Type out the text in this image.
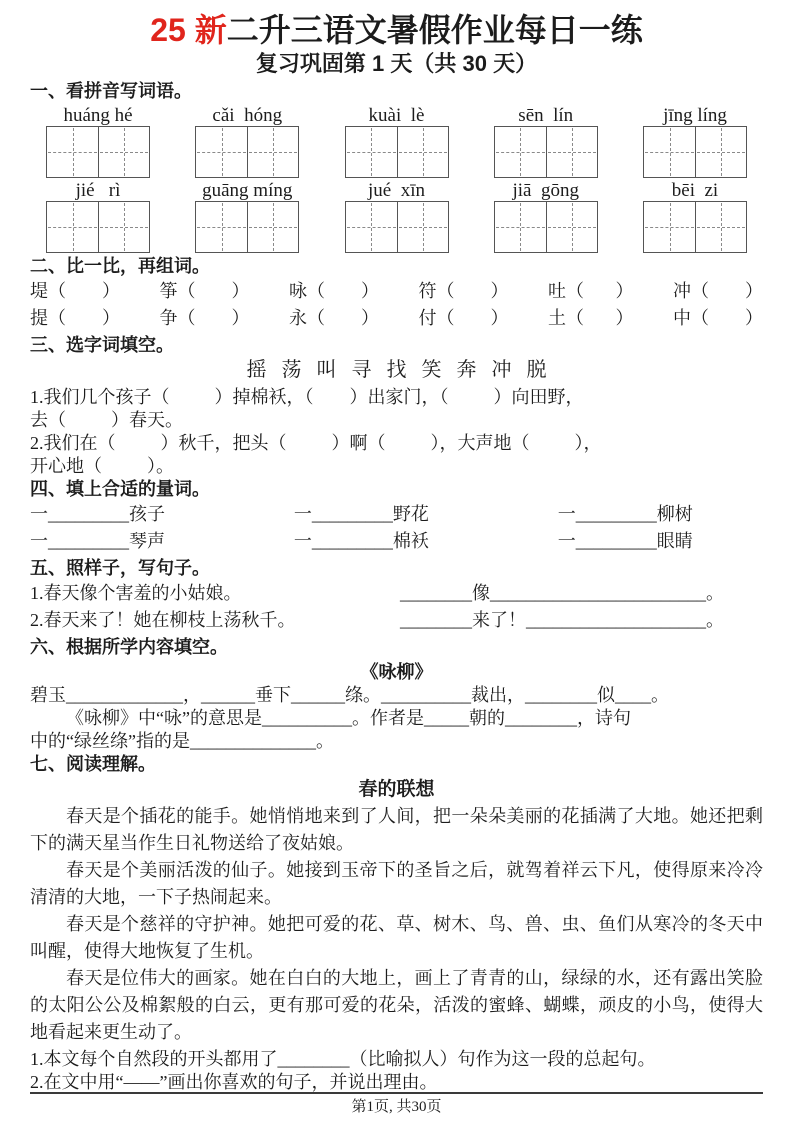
25 新二升三语文暑假作业每日一练
复习巩固第 1 天（共 30 天）
一、看拼音写词语。
huáng hé	cǎi  hóng	kuài  lè	sēn  lín	jīng líng
jié   rì	guāng míng	jué  xīn	jiā  gōng	bēi  zi
二、比一比，再组词。
堤（        ） 筝（        ） 咏（        ） 符（        ） 吐（       ） 冲（        ）
提（        ） 争（        ） 永（        ） 付（        ） 土（       ） 中（        ）
三、选字词填空。
摇   荡   叫   寻   找   笑   奔   冲   脱
1.我们几个孩子（          ）掉棉袄，（        ）出家门，（          ）向田野，
去（          ）春天。
2.我们在（          ）秋千，把头（          ）啊（          ），大声地（          ），
开心地（          ）。
四、填上合适的量词。
一_________孩子	一_________野花	一_________柳树
一_________琴声	一_________棉袄	一_________眼睛
五、照样子，写句子。
1.春天像个害羞的小姑娘。	________像________________________。
2.春天来了！她在柳枝上荡秋千。	________来了！____________________。
六、根据所学内容填空。
《咏柳》
碧玉_____________，______垂下______绦。__________裁出，________似____。
《咏柳》中“咏”的意思是__________。作者是_____朝的________，诗句
中的“绿丝绦”指的是______________。
七、阅读理解。
春的联想

春天是个插花的能手。她悄悄地来到了人间，把一朵朵美丽的花插满了大地。她还把剩下的满天星当作生日礼物送给了夜姑娘。

春天是个美丽活泼的仙子。她接到玉帝下的圣旨之后，就驾着祥云下凡，使得原来冷冷清清的大地，一下子热闹起来。

春天是个慈祥的守护神。她把可爱的花、草、树木、鸟、兽、虫、鱼们从寒冷的冬天中叫醒，使得大地恢复了生机。

春天是位伟大的画家。她在白白的大地上，画上了青青的山，绿绿的水，还有露出笑脸的太阳公公及棉絮般的白云，更有那可爱的花朵，活泼的蜜蜂、蝴蝶，顽皮的小鸟，使得大地看起来更生动了。

1.本文每个自然段的开头都用了________（比喻拟人）句作为这一段的总起句。
2.在文中用“——”画出你喜欢的句子，并说出理由。
第1页, 共30页
